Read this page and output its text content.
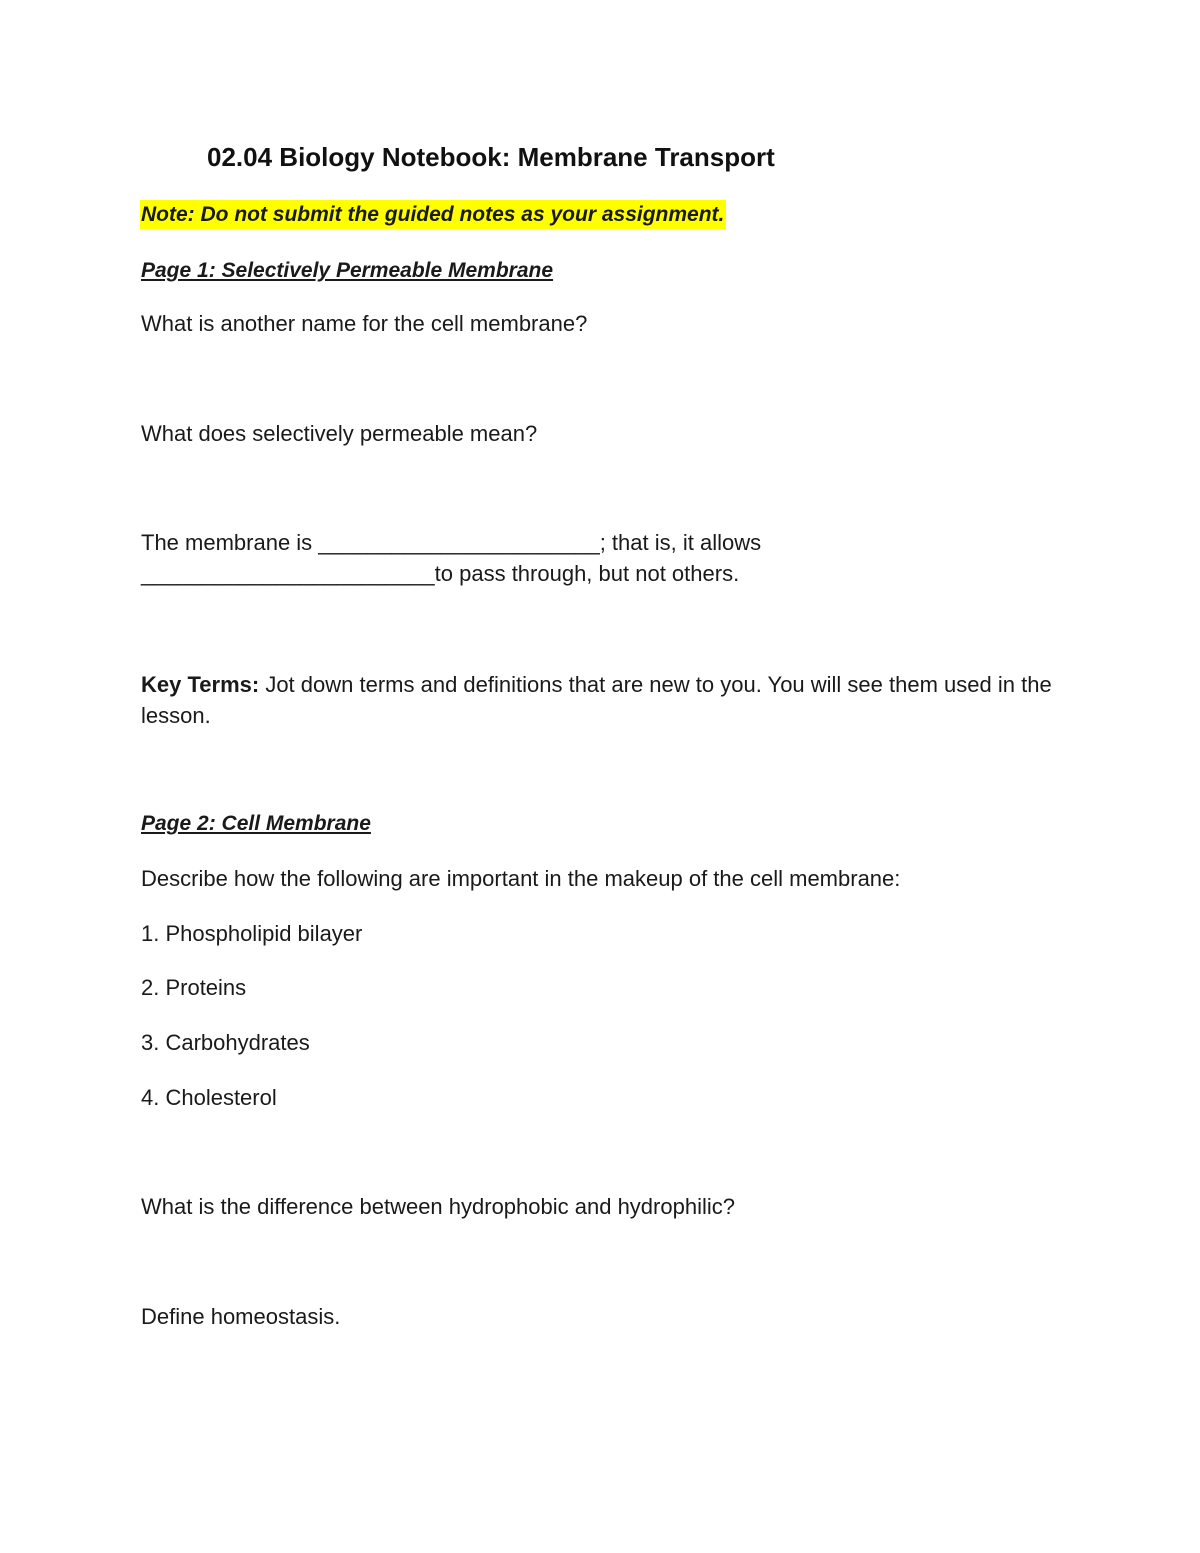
02.04 Biology Notebook: Membrane Transport
Note: Do not submit the guided notes as your assignment.
Page 1: Selectively Permeable Membrane
What is another name for the cell membrane?
What does selectively permeable mean?
The membrane is _______________________; that is, it allows
________________________to pass through, but not others.
Key Terms: Jot down terms and definitions that are new to you. You will see them used in the lesson.
Page 2: Cell Membrane
Describe how the following are important in the makeup of the cell membrane:
1. Phospholipid bilayer
2. Proteins
3. Carbohydrates
4. Cholesterol
What is the difference between hydrophobic and hydrophilic?
Define homeostasis.
